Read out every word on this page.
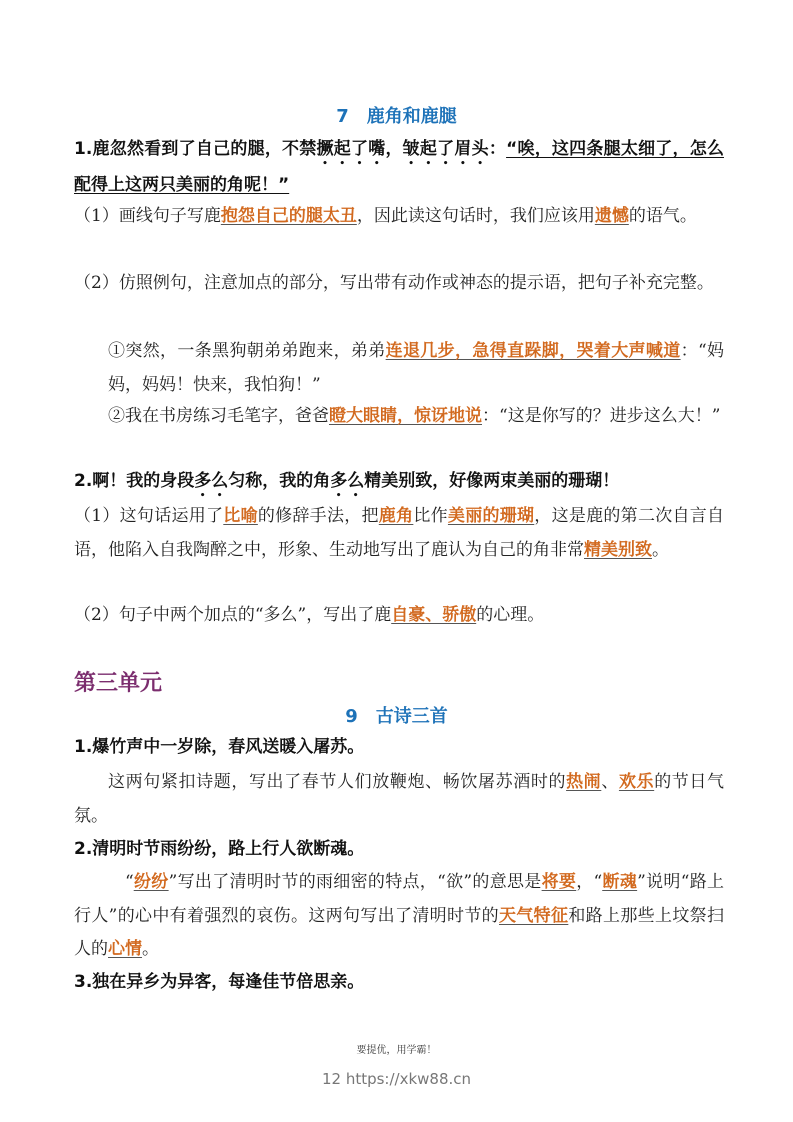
7　鹿角和鹿腿
1.鹿忽然看到了自己的腿，不禁撅起了嘴，皱起了眉头：“唉，这四条腿太细了，怎么配得上这两只美丽的角呢！”
（1）画线句子写鹿抱怨自己的腿太丑，因此读这句话时，我们应该用遗憾的语气。
（2）仿照例句，注意加点的部分，写出带有动作或神态的提示语，把句子补充完整。
①突然，一条黑狗朝弟弟跑来，弟弟连退几步，急得直跺脚，哭着大声喊道：“妈妈，妈妈！快来，我怕狗！”
②我在书房练习毛笔字，爸爸瞪大眼睛，惊讶地说：“这是你写的？进步这么大！”
2.啊！我的身段多么匀称，我的角多么精美别致，好像两束美丽的珊瑚！
（1）这句话运用了比喻的修辞手法，把鹿角比作美丽的珊瑚，这是鹿的第二次自言自语，他陷入自我陶醉之中，形象、生动地写出了鹿认为自己的角非常精美别致。
（2）句子中两个加点的“多么”，写出了鹿自豪、骄傲的心理。
第三单元
9　古诗三首
1.爆竹声中一岁除，春风送暖入屠苏。
这两句紧扣诗题，写出了春节人们放鞭炮、畅饮屠苏酒时的热闹、欢乐的节日气氛。
2.清明时节雨纷纷，路上行人欲断魂。
“纷纷”写出了清明时节的雨细密的特点，“欲”的意思是将要，“断魂”说明“路上行人”的心中有着强烈的哀伤。这两句写出了清明时节的天气特征和路上那些上坟祭扫人的心情。
3.独在异乡为异客，每逢佳节倍思亲。
要提优，用学霸！
12 https://xkw88.cn
